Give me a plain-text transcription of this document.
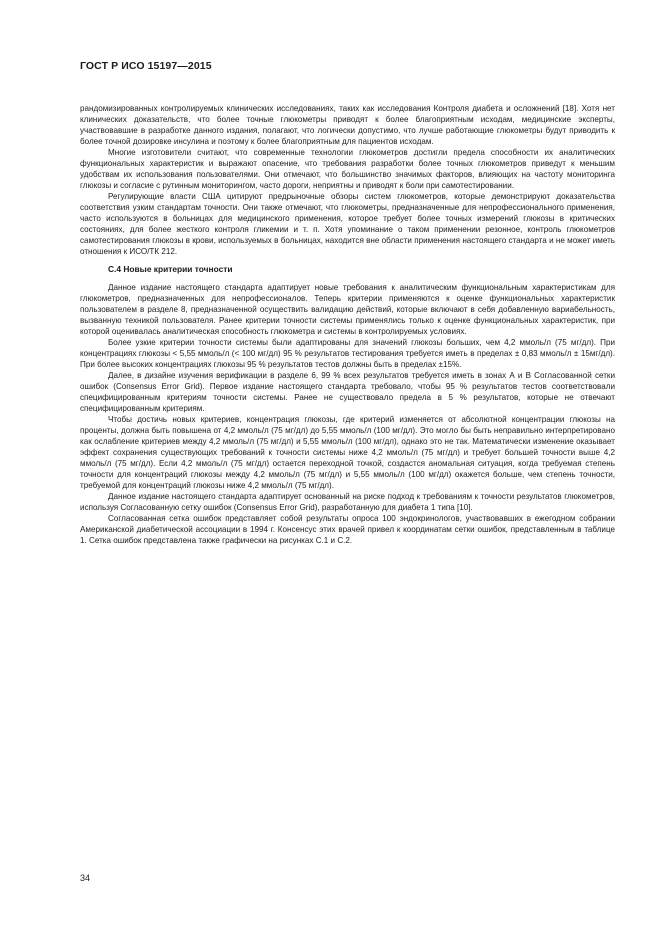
ГОСТ Р ИСО 15197—2015

рандомизированных контролируемых клинических исследованиях, таких как исследования Контроля диабета и осложнений [18]. Хотя нет клинических доказательств, что более точные глюкометры приводят к более благоприятным исходам, медицинские эксперты, участвовавшие в разработке данного издания, полагают, что логически допустимо, что лучше работающие глюкометры будут приводить к более точной дозировке инсулина и поэтому к более благоприятным для пациентов исходам.

Многие изготовители считают, что современные технологии глюкометров достигли предела способности их аналитических функциональных характеристик и выражают опасение, что требования разработки более точных глюкометров приведут к меньшим удобствам их использования пользователями. Они отмечают, что большинство значимых факторов, влияющих на частоту мониторинга глюкозы и согласие с рутинным мониторингом, часто дороги, неприятны и приводят к боли при самотестировании.

Регулирующие власти США цитируют предрыночные обзоры систем глюкометров, которые демонстрируют доказательства соответствия узким стандартам точности. Они также отмечают, что глюкометры, предназначенные для непрофессионального применения, часто используются в больницах для медицинского применения, которое требует более точных измерений глюкозы в критических состояниях, для более жесткого контроля гликемии и т. п. Хотя упоминание о таком применении резонное, контроль глюкометров самотестирования глюкозы в крови, используемых в больницах, находится вне области применения настоящего стандарта и не может иметь отношения к ИСО/ТК 212.

С.4 Новые критерии точности

Данное издание настоящего стандарта адаптирует новые требования к аналитическим функциональным характеристикам для глюкометров, предназначенных для непрофессионалов. Теперь критерии применяются к оценке функциональных характеристик пользователем в разделе 8, предназначенной осуществить валидацию действий, которые включают в себя добавленную вариабельность, вызванную техникой пользователя. Ранее критерии точности системы применялись только к оценке функциональных характеристик, при которой оценивалась аналитическая способность глюкометра и системы в контролируемых условиях.

Более узкие критерии точности системы были адаптированы для значений глюкозы больших, чем 4,2 ммоль/л (75 мг/дл). При концентрациях глюкозы < 5,55 ммоль/л (< 100 мг/дл) 95 % результатов тестирования требуется иметь в пределах ± 0,83 ммоль/л ± 15мг/дл). При более высоких концентрациях глюкозы 95 % результатов тестов должны быть в пределах ±15%.

Далее, в дизайне изучения верификации в разделе 6, 99 % всех результатов требуется иметь в зонах А и В Согласованной сетки ошибок (Consensus Error Grid). Первое издание настоящего стандарта требовало, чтобы 95 % результатов тестов соответствовали специфицированным критериям точности системы. Ранее не существовало предела в 5 % результатов, которые не отвечают специфицированным критериям.

Чтобы достичь новых критериев, концентрация глюкозы, где критерий изменяется от абсолютной концентрации глюкозы на проценты, должна быть повышена от 4,2 ммоль/л (75 мг/дл) до 5,55 ммоль/л (100 мг/дл). Это могло бы быть неправильно интерпретировано как ослабление критериев между 4,2 ммоль/л (75 мг/дл) и 5,55 ммоль/л (100 мг/дл), однако это не так. Математически изменение оказывает эффект сохранения существующих требований к точности системы ниже 4,2 ммоль/л (75 мг/дл) и требует большей точности выше 4,2 ммоль/л (75 мг/дл). Если 4,2 ммоль/л (75 мг/дл) остается переходной точкой, создастся аномальная ситуация, когда требуемая степень точности для концентраций глюкозы между 4,2 ммоль/л (75 мг/дл) и 5,55 ммоль/л (100 мг/дл) окажется больше, чем степень точности, требуемой для концентраций глюкозы ниже 4,2 ммоль/л (75 мг/дл).

Данное издание настоящего стандарта адаптирует основанный на риске подход к требованиям к точности результатов глюкометров, используя Согласованную сетку ошибок (Consensus Error Grid), разработанную для диабета 1 типа [10].

Согласованная сетка ошибок представляет собой результаты опроса 100 эндокринологов, участвовавших в ежегодном собрании Американской диабетической ассоциации в 1994 г. Консенсус этих врачей привел к координатам сетки ошибок, представленным в таблице 1. Сетка ошибок представлена также графически на рисунках С.1 и С.2.

34
